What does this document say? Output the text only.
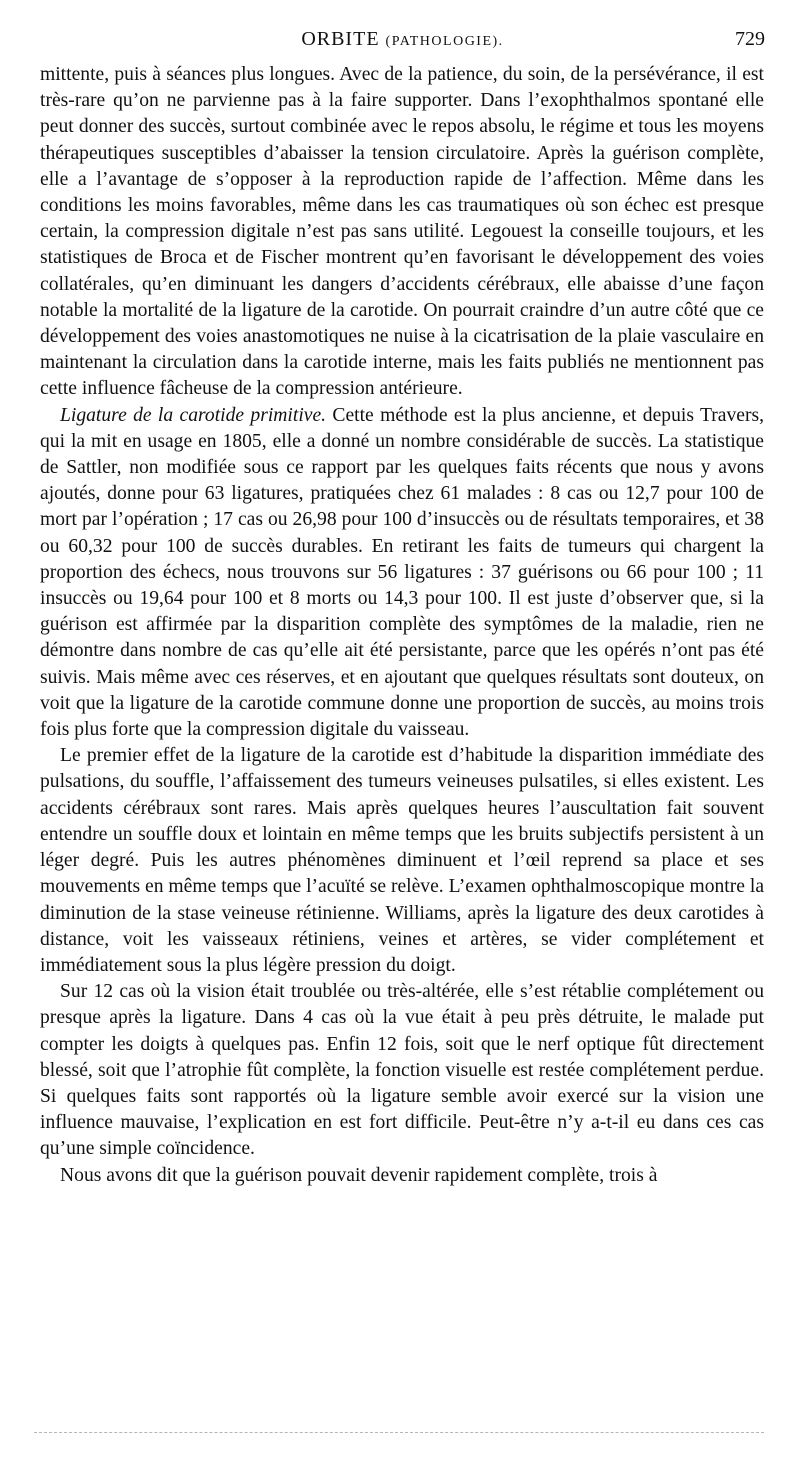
ORBITE (PATHOLOGIE).	729

mittente, puis à séances plus longues. Avec de la patience, du soin, de la persévérance, il est très-rare qu’on ne parvienne pas à la faire supporter. Dans l’exophthalmos spontané elle peut donner des succès, surtout combinée avec le repos absolu, le régime et tous les moyens thérapeutiques susceptibles d’abaisser la tension circulatoire. Après la guérison complète, elle a l’avantage de s’opposer à la reproduction rapide de l’affection. Même dans les conditions les moins favorables, même dans les cas traumatiques où son échec est presque certain, la compression digitale n’est pas sans utilité. Legouest la conseille toujours, et les statistiques de Broca et de Fischer montrent qu’en favorisant le développement des voies collatérales, qu’en diminuant les dangers d’accidents cérébraux, elle abaisse d’une façon notable la mortalité de la ligature de la carotide. On pourrait craindre d’un autre côté que ce développement des voies anastomotiques ne nuise à la cicatrisation de la plaie vasculaire en maintenant la circulation dans la carotide interne, mais les faits publiés ne mentionnent pas cette influence fâcheuse de la compression antérieure.

Ligature de la carotide primitive. Cette méthode est la plus ancienne, et depuis Travers, qui la mit en usage en 1805, elle a donné un nombre considérable de succès. La statistique de Sattler, non modifiée sous ce rapport par les quelques faits récents que nous y avons ajoutés, donne pour 63 ligatures, pratiquées chez 61 malades : 8 cas ou 12,7 pour 100 de mort par l’opération ; 17 cas ou 26,98 pour 100 d’insuccès ou de résultats temporaires, et 38 ou 60,32 pour 100 de succès durables. En retirant les faits de tumeurs qui chargent la proportion des échecs, nous trouvons sur 56 ligatures : 37 guérisons ou 66 pour 100 ; 11 insuccès ou 19,64 pour 100 et 8 morts ou 14,3 pour 100. Il est juste d’observer que, si la guérison est affirmée par la disparition complète des symptômes de la maladie, rien ne démontre dans nombre de cas qu’elle ait été persistante, parce que les opérés n’ont pas été suivis. Mais même avec ces réserves, et en ajoutant que quelques résultats sont douteux, on voit que la ligature de la carotide commune donne une proportion de succès, au moins trois fois plus forte que la compression digitale du vaisseau.

Le premier effet de la ligature de la carotide est d’habitude la disparition immédiate des pulsations, du souffle, l’affaissement des tumeurs veineuses pulsatiles, si elles existent. Les accidents cérébraux sont rares. Mais après quelques heures l’auscultation fait souvent entendre un souffle doux et lointain en même temps que les bruits subjectifs persistent à un léger degré. Puis les autres phénomènes diminuent et l’œil reprend sa place et ses mouvements en même temps que l’acuïté se relève. L’examen ophthalmoscopique montre la diminution de la stase veineuse rétinienne. Williams, après la ligature des deux carotides à distance, voit les vaisseaux rétiniens, veines et artères, se vider complétement et immédiatement sous la plus légère pression du doigt.

Sur 12 cas où la vision était troublée ou très-altérée, elle s’est rétablie complétement ou presque après la ligature. Dans 4 cas où la vue était à peu près détruite, le malade put compter les doigts à quelques pas. Enfin 12 fois, soit que le nerf optique fût directement blessé, soit que l’atrophie fût complète, la fonction visuelle est restée complétement perdue. Si quelques faits sont rapportés où la ligature semble avoir exercé sur la vision une influence mauvaise, l’explication en est fort difficile. Peut-être n’y a-t-il eu dans ces cas qu’une simple coïncidence.

Nous avons dit que la guérison pouvait devenir rapidement complète, trois à
